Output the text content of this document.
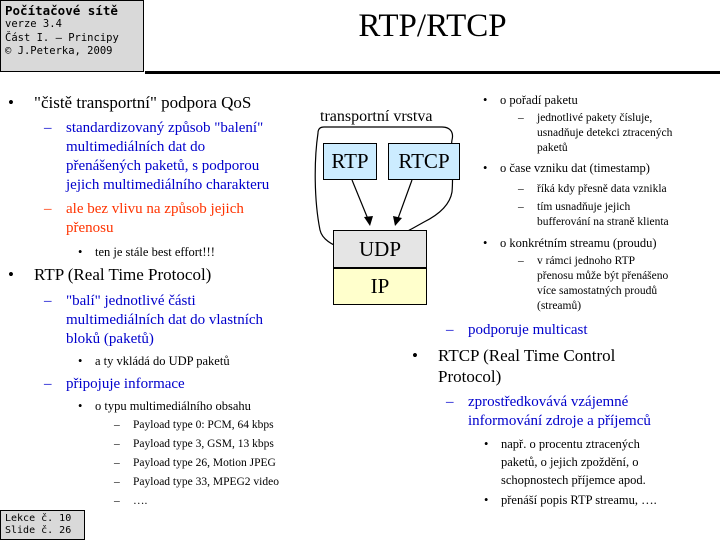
Počítačové sítě
verze 3.4
Část I. – Principy
© J.Peterka, 2009
RTP/RTCP
• "čistě transportní" podpora QoS
– standardizovaný způsob "balení"
multimediálních dat do
přenášených paketů, s podporou
jejich multimediálního charakteru
– ale bez vlivu na způsob jejich
přenosu
• ten je stále best effort!!!
• RTP (Real Time Protocol)
– "balí" jednotlivé části
multimediálních dat do vlastních
bloků (paketů)
• a ty vkládá do UDP paketů
– připojuje informace
• o typu multimediálního obsahu
– Payload type 0: PCM, 64 kbps
– Payload type 3, GSM, 13 kbps
– Payload type 26, Motion JPEG
– Payload type 33, MPEG2 video
– ….
transportní vrstva
RTP	RTCP
UDP
IP
• o pořadí paketu
– jednotlivé pakety čísluje,
usnadňuje detekci ztracených
paketů
• o čase vzniku dat (timestamp)
– říká kdy přesně data vznikla
– tím usnadňuje jejich
bufferování na straně klienta
• o konkrétním streamu (proudu)
– v rámci jednoho RTP
přenosu může být přenášeno
více samostatných proudů
(streamů)
– podporuje multicast
• RTCP (Real Time Control
Protocol)
– zprostředkovává vzájemné
informování zdroje a příjemců
• např. o procentu ztracených
paketů, o jejich zpoždění, o
schopnostech příjemce apod.
• přenáší popis RTP streamu, ….
Lekce č. 10
Slide č. 26
